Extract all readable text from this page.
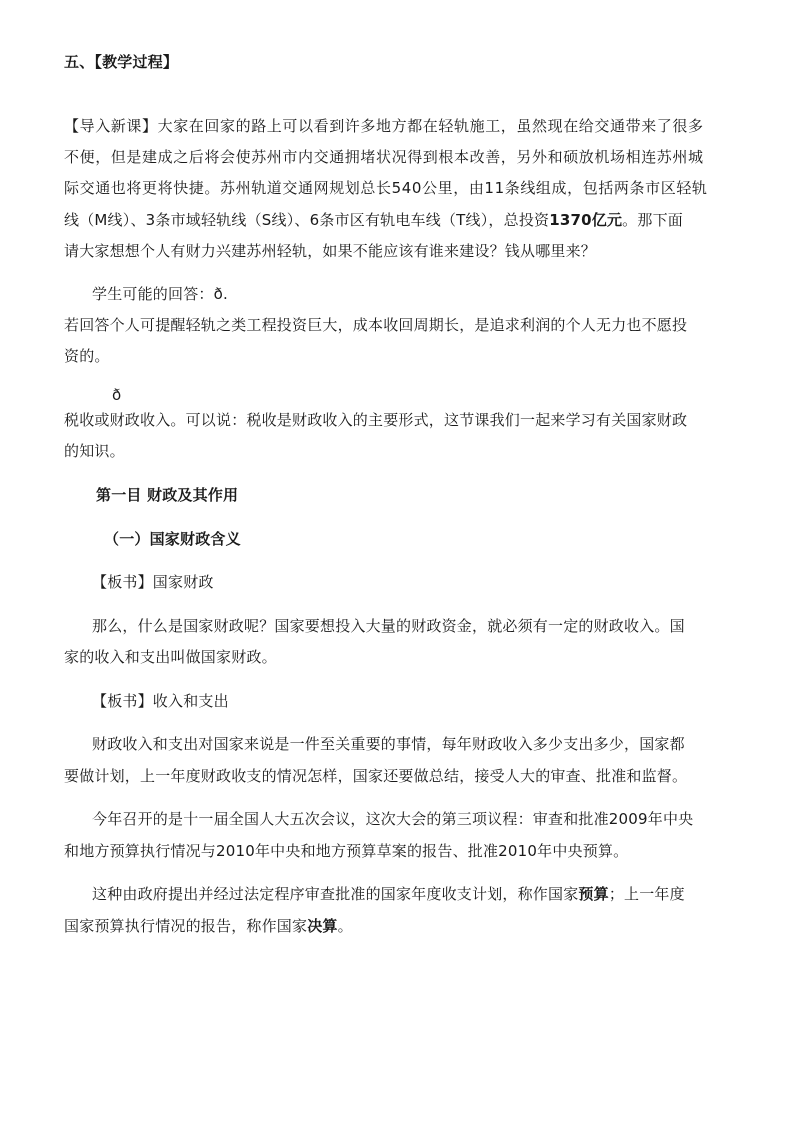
五、【教学过程】
【导入新课】大家在回家的路上可以看到许多地方都在轻轨施工，虽然现在给交通带来了很多
不便，但是建成之后将会使苏州市内交通拥堵状况得到根本改善，另外和硕放机场相连苏州城
际交通也将更将快捷。苏州轨道交通网规划总长540公里，由11条线组成，包括两条市区轻轨
线（M线）、3条市域轻轨线（S线）、6条市区有轨电车线（T线），总投资1370亿元。那下面
请大家想想个人有财力兴建苏州轻轨，如果不能应该有谁来建设？钱从哪里来？
学生可能的回答：ð.
若回答个人可提醒轻轨之类工程投资巨大，成本收回周期长，是追求利润的个人无力也不愿投
资的。
ð
税收或财政收入。可以说：税收是财政收入的主要形式，这节课我们一起来学习有关国家财政
的知识。
第一目 财政及其作用
（一）国家财政含义
【板书】国家财政
那么，什么是国家财政呢？国家要想投入大量的财政资金，就必须有一定的财政收入。国
家的收入和支出叫做国家财政。
【板书】收入和支出
财政收入和支出对国家来说是一件至关重要的事情，每年财政收入多少支出多少，国家都
要做计划，上一年度财政收支的情况怎样，国家还要做总结，接受人大的审查、批准和监督。
今年召开的是十一届全国人大五次会议，这次大会的第三项议程：审查和批准2009年中央
和地方预算执行情况与2010年中央和地方预算草案的报告、批准2010年中央预算。
这种由政府提出并经过法定程序审查批准的国家年度收支计划，称作国家预算；上一年度
国家预算执行情况的报告，称作国家决算。
